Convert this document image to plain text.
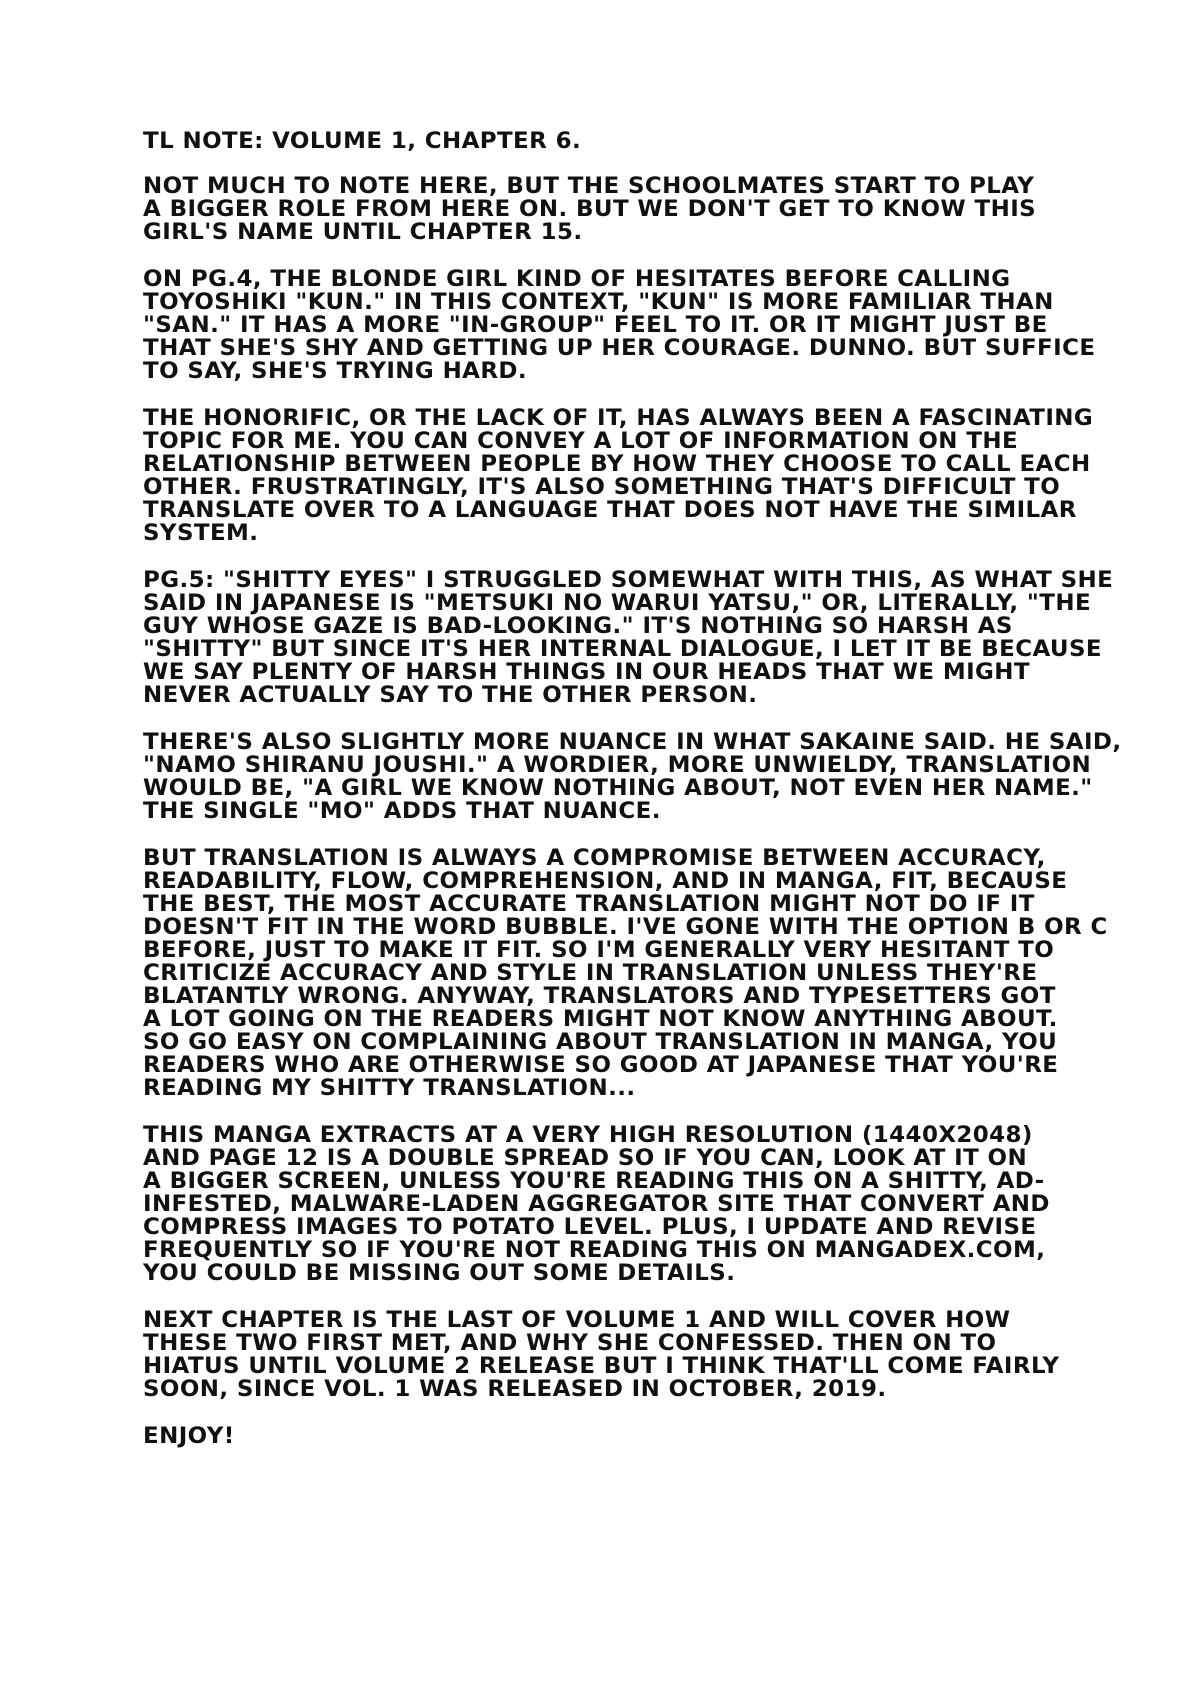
TL NOTE: VOLUME 1, CHAPTER 6.
NOT MUCH TO NOTE HERE, BUT THE SCHOOLMATES START TO PLAY
A BIGGER ROLE FROM HERE ON. BUT WE DON'T GET TO KNOW THIS
GIRL'S NAME UNTIL CHAPTER 15.
ON PG.4, THE BLONDE GIRL KIND OF HESITATES BEFORE CALLING
TOYOSHIKI "KUN." IN THIS CONTEXT, "KUN" IS MORE FAMILIAR THAN
"SAN." IT HAS A MORE "IN-GROUP" FEEL TO IT. OR IT MIGHT JUST BE
THAT SHE'S SHY AND GETTING UP HER COURAGE. DUNNO. BUT SUFFICE
TO SAY, SHE'S TRYING HARD.
THE HONORIFIC, OR THE LACK OF IT, HAS ALWAYS BEEN A FASCINATING
TOPIC FOR ME. YOU CAN CONVEY A LOT OF INFORMATION ON THE
RELATIONSHIP BETWEEN PEOPLE BY HOW THEY CHOOSE TO CALL EACH
OTHER. FRUSTRATINGLY, IT'S ALSO SOMETHING THAT'S DIFFICULT TO
TRANSLATE OVER TO A LANGUAGE THAT DOES NOT HAVE THE SIMILAR
SYSTEM.
PG.5: "SHITTY EYES" I STRUGGLED SOMEWHAT WITH THIS, AS WHAT SHE
SAID IN JAPANESE IS "METSUKI NO WARUI YATSU," OR, LITERALLY, "THE
GUY WHOSE GAZE IS BAD-LOOKING." IT'S NOTHING SO HARSH AS
"SHITTY" BUT SINCE IT'S HER INTERNAL DIALOGUE, I LET IT BE BECAUSE
WE SAY PLENTY OF HARSH THINGS IN OUR HEADS THAT WE MIGHT
NEVER ACTUALLY SAY TO THE OTHER PERSON.
THERE'S ALSO SLIGHTLY MORE NUANCE IN WHAT SAKAINE SAID. HE SAID,
"NAMO SHIRANU JOUSHI." A WORDIER, MORE UNWIELDY, TRANSLATION
WOULD BE, "A GIRL WE KNOW NOTHING ABOUT, NOT EVEN HER NAME."
THE SINGLE "MO" ADDS THAT NUANCE.
BUT TRANSLATION IS ALWAYS A COMPROMISE BETWEEN ACCURACY,
READABILITY, FLOW, COMPREHENSION, AND IN MANGA, FIT, BECAUSE
THE BEST, THE MOST ACCURATE TRANSLATION MIGHT NOT DO IF IT
DOESN'T FIT IN THE WORD BUBBLE. I'VE GONE WITH THE OPTION B OR C
BEFORE, JUST TO MAKE IT FIT. SO I'M GENERALLY VERY HESITANT TO
CRITICIZE ACCURACY AND STYLE IN TRANSLATION UNLESS THEY'RE
BLATANTLY WRONG. ANYWAY, TRANSLATORS AND TYPESETTERS GOT
A LOT GOING ON THE READERS MIGHT NOT KNOW ANYTHING ABOUT.
SO GO EASY ON COMPLAINING ABOUT TRANSLATION IN MANGA, YOU
READERS WHO ARE OTHERWISE SO GOOD AT JAPANESE THAT YOU'RE
READING MY SHITTY TRANSLATION...
THIS MANGA EXTRACTS AT A VERY HIGH RESOLUTION (1440X2048)
AND PAGE 12 IS A DOUBLE SPREAD SO IF YOU CAN, LOOK AT IT ON
A BIGGER SCREEN, UNLESS YOU'RE READING THIS ON A SHITTY, AD-
INFESTED, MALWARE-LADEN AGGREGATOR SITE THAT CONVERT AND
COMPRESS IMAGES TO POTATO LEVEL. PLUS, I UPDATE AND REVISE
FREQUENTLY SO IF YOU'RE NOT READING THIS ON MANGADEX.COM,
YOU COULD BE MISSING OUT SOME DETAILS.
NEXT CHAPTER IS THE LAST OF VOLUME 1 AND WILL COVER HOW
THESE TWO FIRST MET, AND WHY SHE CONFESSED. THEN ON TO
HIATUS UNTIL VOLUME 2 RELEASE BUT I THINK THAT'LL COME FAIRLY
SOON, SINCE VOL. 1 WAS RELEASED IN OCTOBER, 2019.
ENJOY!
